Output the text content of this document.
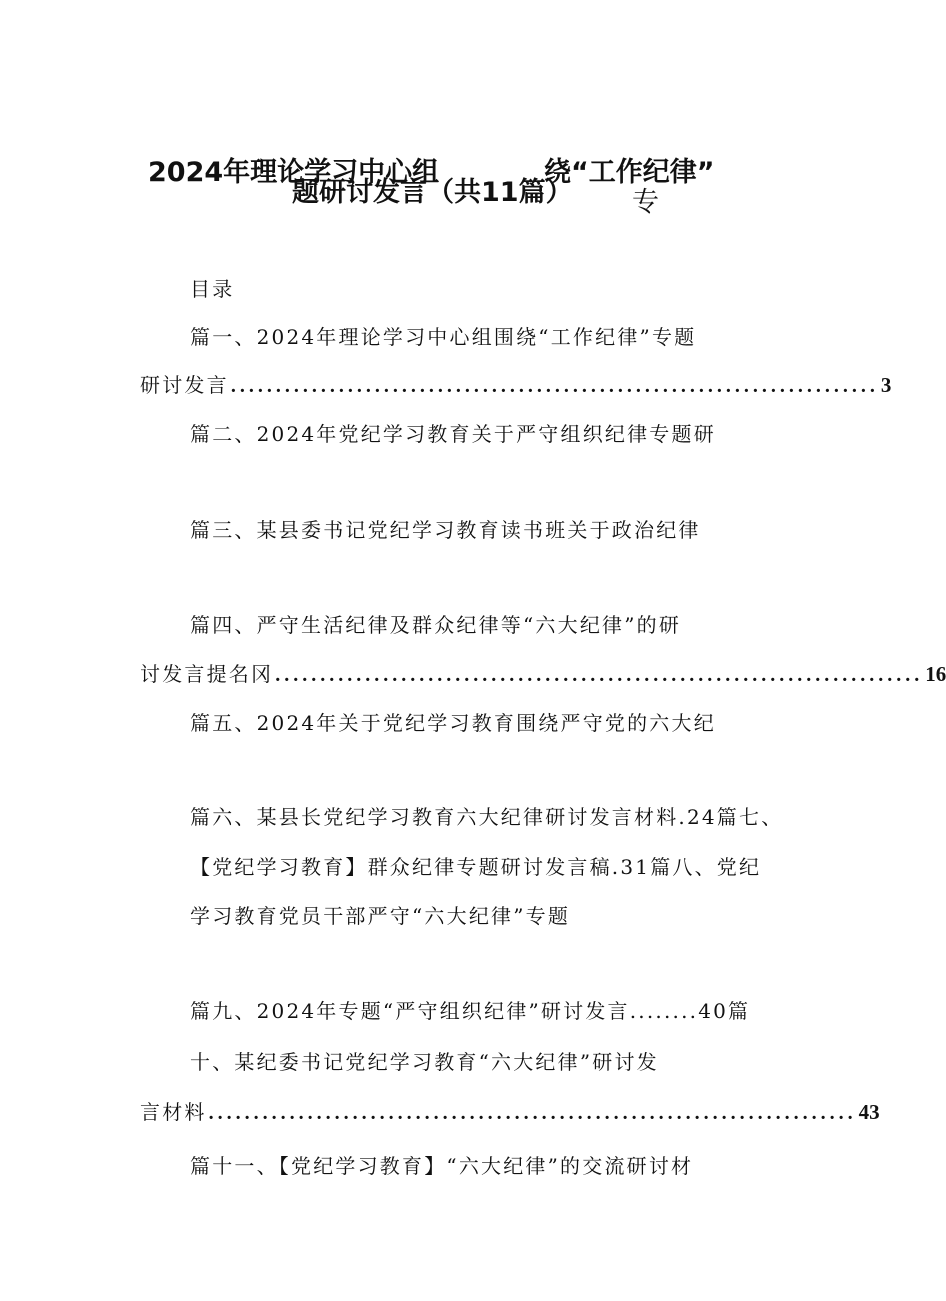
2024年理论学习中心组	绕“工作纪律”
题研讨发言（共11篇） 专
目录
篇一、2024年理论学习中心组围绕“工作纪律”专题
研讨发言 ........................................................................ 3
篇二、2024年党纪学习教育关于严守组织纪律专题研
篇三、某县委书记党纪学习教育读书班关于政治纪律
篇四、严守生活纪律及群众纪律等“六大纪律”的研
讨发言提名冈 ........................................................................ 16
篇五、2024年关于党纪学习教育围绕严守党的六大纪
篇六、某县长党纪学习教育六大纪律研讨发言材料.24篇七、
【党纪学习教育】群众纪律专题研讨发言稿.31篇八、党纪
学习教育党员干部严守“六大纪律”专题
篇九、2024年专题“严守组织纪律”研讨发言........40篇
十、某纪委书记党纪学习教育“六大纪律”研讨发
言材料 ........................................................................ 43
篇十一、【党纪学习教育】“六大纪律”的交流研讨材
